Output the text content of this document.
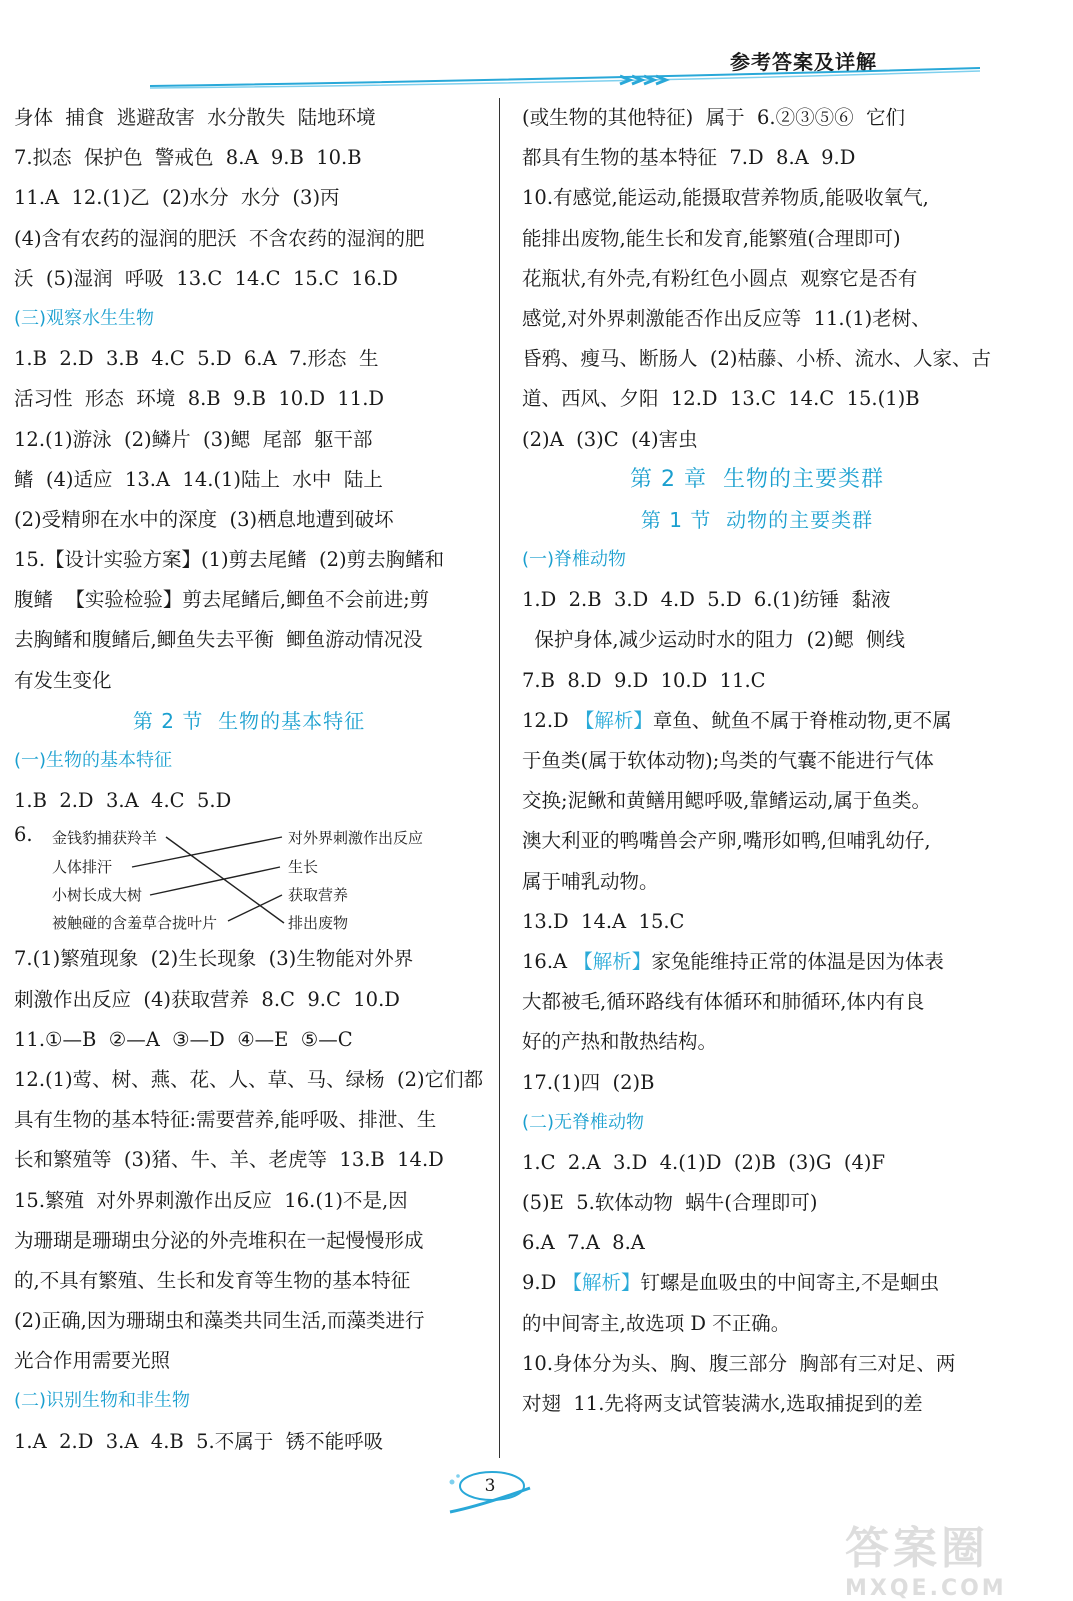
参考答案及详解
身体  捕食  逃避敌害  水分散失  陆地环境
7.拟态  保护色  警戒色  8.A  9.B  10.B
11.A  12.(1)乙  (2)水分  水分  (3)丙
(4)含有农药的湿润的肥沃  不含农药的湿润的肥
沃  (5)湿润  呼吸  13.C  14.C  15.C  16.D
(三)观察水生生物
1.B  2.D  3.B  4.C  5.D  6.A  7.形态  生
活习性  形态  环境  8.B  9.B  10.D  11.D
12.(1)游泳  (2)鳞片  (3)鳃  尾部  躯干部
鳍  (4)适应  13.A  14.(1)陆上  水中  陆上
(2)受精卵在水中的深度  (3)栖息地遭到破坏
15.【设计实验方案】(1)剪去尾鳍  (2)剪去胸鳍和
腹鳍  【实验检验】剪去尾鳍后,鲫鱼不会前进;剪
去胸鳍和腹鳍后,鲫鱼失去平衡  鲫鱼游动情况没
有发生变化
第 2 节  生物的基本特征
(一)生物的基本特征
1.B  2.D  3.A  4.C  5.D
6. 金钱豹捕获羚羊
人体排汗
小树长成大树
被触碰的含羞草合拢叶片
对外界刺激作出反应
生长
获取营养
排出废物
7.(1)繁殖现象  (2)生长现象  (3)生物能对外界
刺激作出反应  (4)获取营养  8.C  9.C  10.D
11.①—B  ②—A  ③—D  ④—E  ⑤—C
12.(1)莺、树、燕、花、人、草、马、绿杨  (2)它们都
具有生物的基本特征:需要营养,能呼吸、排泄、生
长和繁殖等  (3)猪、牛、羊、老虎等  13.B  14.D
15.繁殖  对外界刺激作出反应  16.(1)不是,因
为珊瑚是珊瑚虫分泌的外壳堆积在一起慢慢形成
的,不具有繁殖、生长和发育等生物的基本特征
(2)正确,因为珊瑚虫和藻类共同生活,而藻类进行
光合作用需要光照
(二)识别生物和非生物
1.A  2.D  3.A  4.B  5.不属于  锈不能呼吸
(或生物的其他特征)  属于  6.②③⑤⑥  它们
都具有生物的基本特征  7.D  8.A  9.D
10.有感觉,能运动,能摄取营养物质,能吸收氧气,
能排出废物,能生长和发育,能繁殖(合理即可)
花瓶状,有外壳,有粉红色小圆点  观察它是否有
感觉,对外界刺激能否作出反应等  11.(1)老树、
昏鸦、瘦马、断肠人  (2)枯藤、小桥、流水、人家、古
道、西风、夕阳  12.D  13.C  14.C  15.(1)B
(2)A  (3)C  (4)害虫
第 2 章  生物的主要类群
第 1 节  动物的主要类群
(一)脊椎动物
1.D  2.B  3.D  4.D  5.D  6.(1)纺锤  黏液
保护身体,减少运动时水的阻力  (2)鳃  侧线
7.B  8.D  9.D  10.D  11.C
12.D 【解析】章鱼、鱿鱼不属于脊椎动物,更不属
于鱼类(属于软体动物);鸟类的气囊不能进行气体
交换;泥鳅和黄鳝用鳃呼吸,靠鳍运动,属于鱼类。
澳大利亚的鸭嘴兽会产卵,嘴形如鸭,但哺乳幼仔,
属于哺乳动物。
13.D  14.A  15.C
16.A 【解析】家兔能维持正常的体温是因为体表
大都被毛,循环路线有体循环和肺循环,体内有良
好的产热和散热结构。
17.(1)四  (2)B
(二)无脊椎动物
1.C  2.A  3.D  4.(1)D  (2)B  (3)G  (4)F
(5)E  5.软体动物  蜗牛(合理即可)
6.A  7.A  8.A
9.D 【解析】钉螺是血吸虫的中间寄主,不是蛔虫
的中间寄主,故选项 D 不正确。
10.身体分为头、胸、腹三部分  胸部有三对足、两
对翅  11.先将两支试管装满水,选取捕捉到的差
3
答案圈
MXQE.COM
